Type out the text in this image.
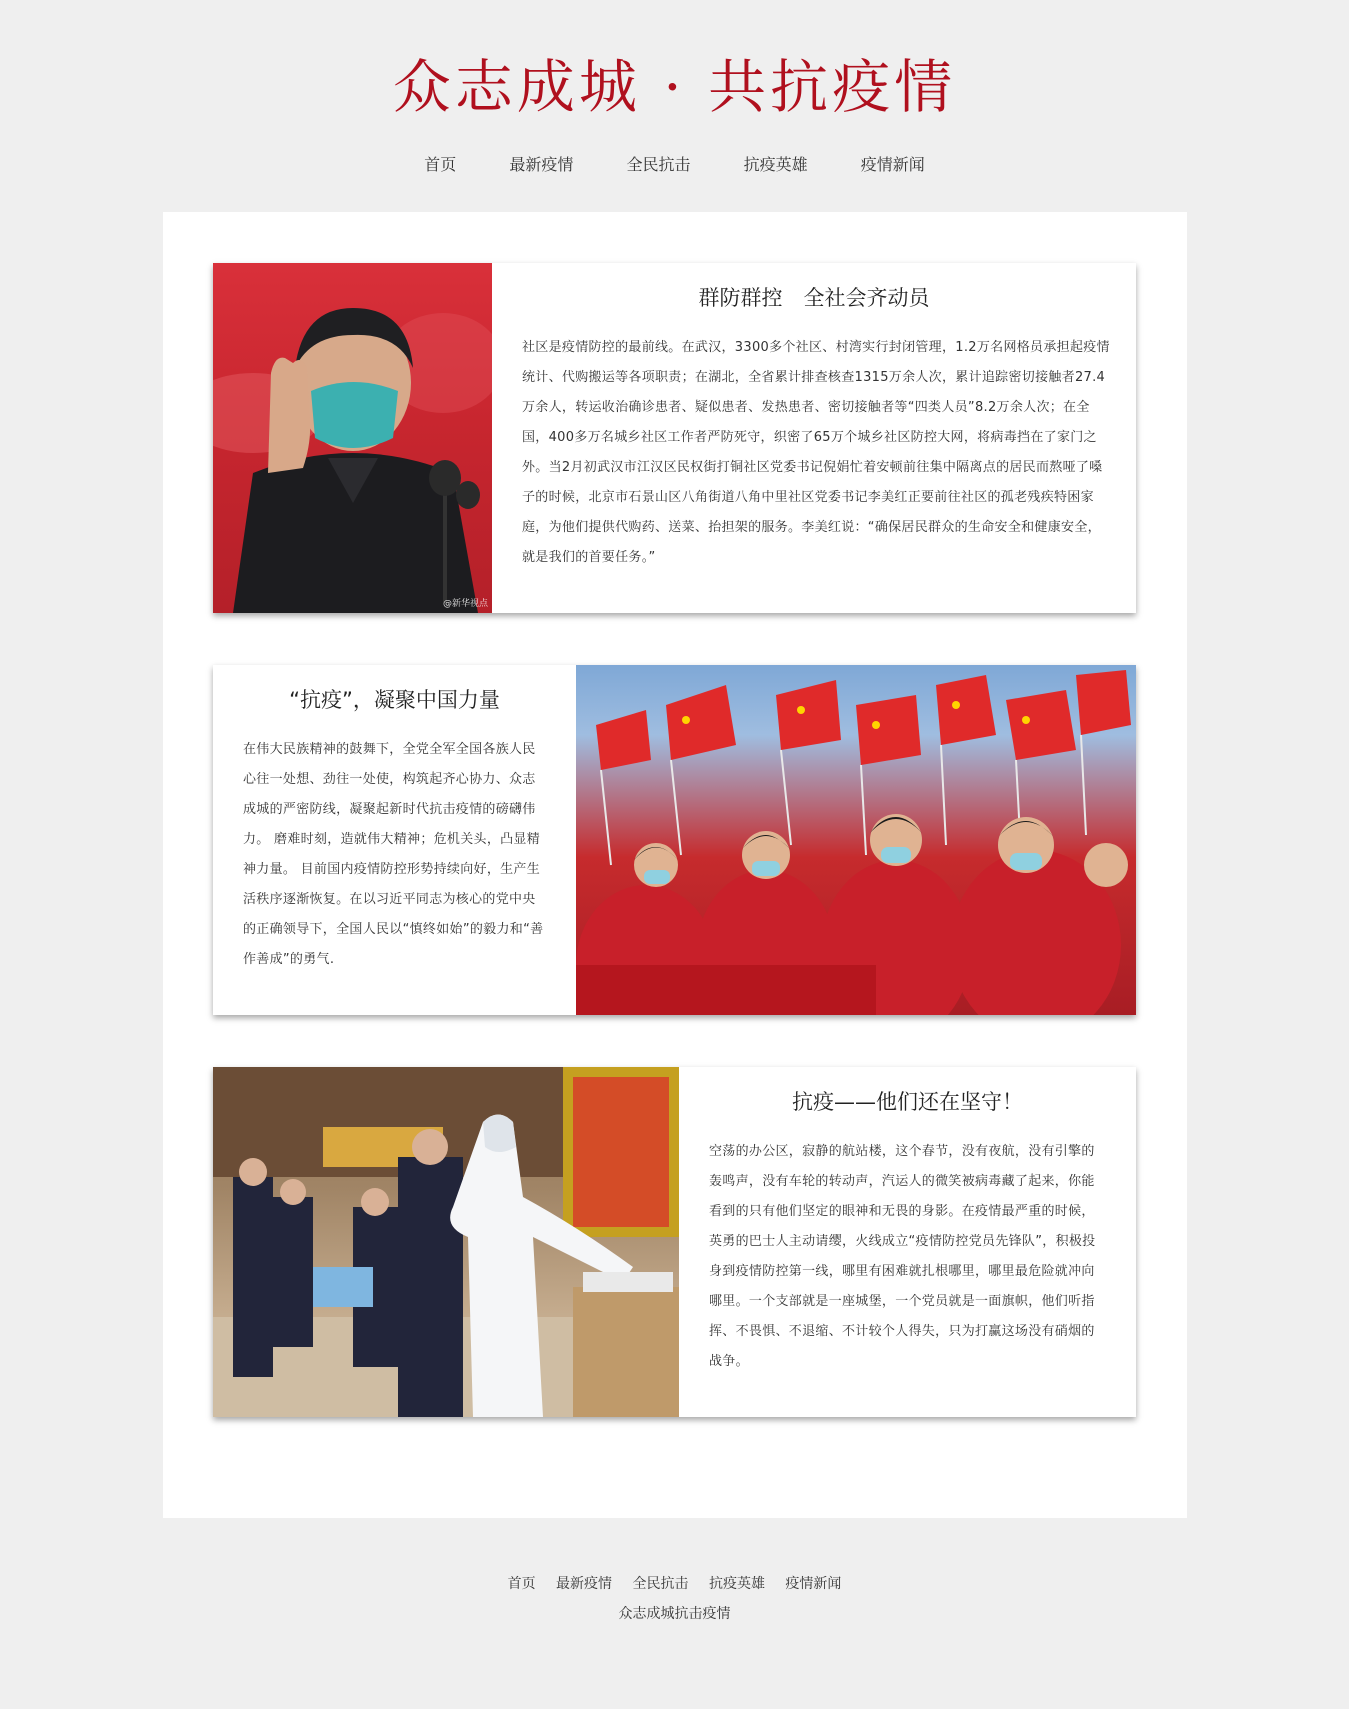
众志成城 · 共抗疫情
首页	最新疫情	全民抗击	抗疫英雄	疫情新闻
@新华视点
群防群控　全社会齐动员

社区是疫情防控的最前线。在武汉，3300多个社区、村湾实行封闭管理，1.2万名网格员承担起疫情统计、代购搬运等各项职责；在湖北，全省累计排查核查1315万余人次，累计追踪密切接触者27.4万余人，转运收治确诊患者、疑似患者、发热患者、密切接触者等“四类人员”8.2万余人次；在全国，400多万名城乡社区工作者严防死守，织密了65万个城乡社区防控大网，将病毒挡在了家门之外。当2月初武汉市江汉区民权街打铜社区党委书记倪娟忙着安顿前往集中隔离点的居民而熬哑了嗓子的时候，北京市石景山区八角街道八角中里社区党委书记李美红正要前往社区的孤老残疾特困家庭，为他们提供代购药、送菜、抬担架的服务。李美红说：“确保居民群众的生命安全和健康安全，就是我们的首要任务。”

“抗疫”，凝聚中国力量

在伟大民族精神的鼓舞下，全党全军全国各族人民心往一处想、劲往一处使，构筑起齐心协力、众志成城的严密防线，凝聚起新时代抗击疫情的磅礴伟力。 磨难时刻，造就伟大精神；危机关头，凸显精神力量。 目前国内疫情防控形势持续向好，生产生活秩序逐渐恢复。在以习近平同志为核心的党中央的正确领导下，全国人民以“慎终如始”的毅力和“善作善成”的勇气.

抗疫——他们还在坚守！

空荡的办公区，寂静的航站楼，这个春节，没有夜航，没有引擎的轰鸣声，没有车轮的转动声，汽运人的微笑被病毒藏了起来，你能看到的只有他们坚定的眼神和无畏的身影。在疫情最严重的时候，英勇的巴士人主动请缨，火线成立“疫情防控党员先锋队”，积极投身到疫情防控第一线，哪里有困难就扎根哪里，哪里最危险就冲向哪里。一个支部就是一座城堡，一个党员就是一面旗帜，他们听指挥、不畏惧、不退缩、不计较个人得失，只为打赢这场没有硝烟的战争。

首页 最新疫情 全民抗击 抗疫英雄 疫情新闻
众志成城抗击疫情
